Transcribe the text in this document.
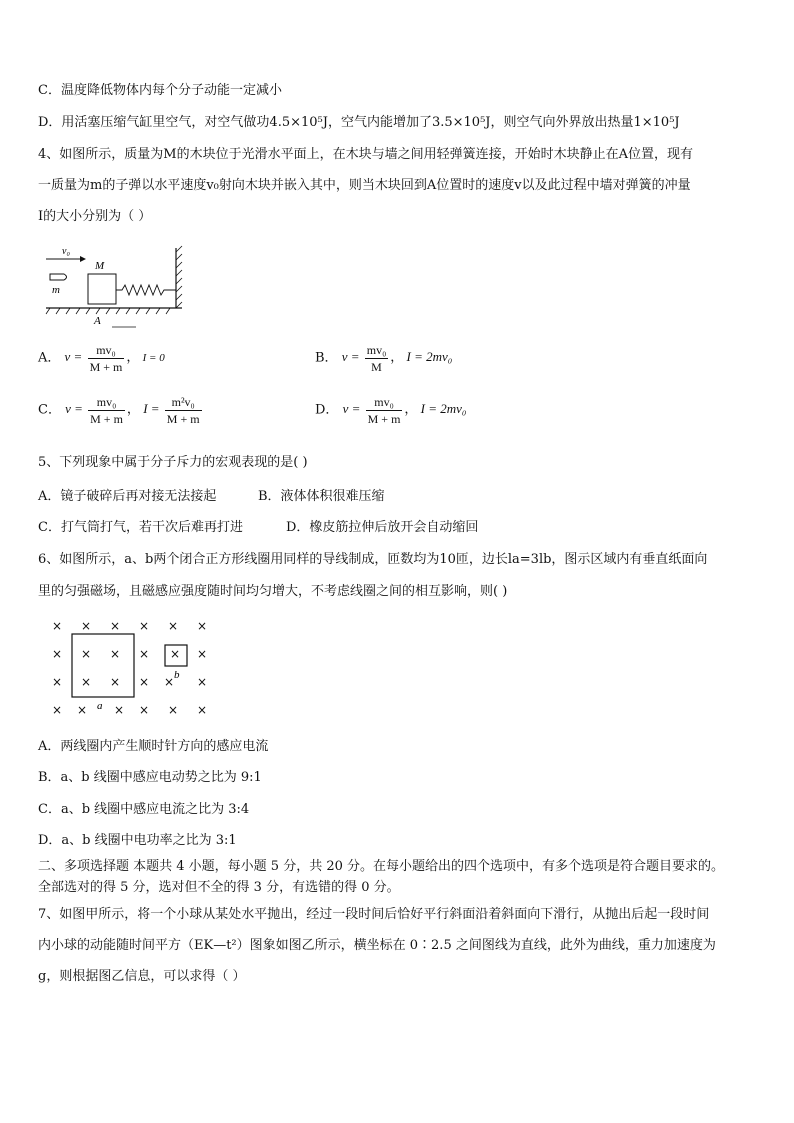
C．温度降低物体内每个分子动能一定减小
D．用活塞压缩气缸里空气，对空气做功4.5×10⁵J，空气内能增加了3.5×10⁵J，则空气向外界放出热量1×10⁵J
4、如图所示，质量为M的木块位于光滑水平面上，在木块与墙之间用轻弹簧连接，开始时木块静止在A位置，现有
一质量为m的子弹以水平速度v₀射向木块并嵌入其中，则当木块回到A位置时的速度v以及此过程中墙对弹簧的冲量
I的大小分别为（ ）
v₀
m
M
A
A． $v = \frac{\text{mv₀}}{M + m}$ ， I = 0	B． $v = \frac{\text{mv₀}}{M}$ ， I = 2mv₀
C． $v = \frac{\text{mv₀}}{M + m}$ ， $I = \frac{\text{m²v₀}}{M + m}$	D． $v = \frac{\text{mv₀}}{M + m}$ ， I = 2mv₀
5、下列现象中属于分子斥力的宏观表现的是( )
A．镜子破碎后再对接无法接起	B．液体体积很难压缩
C．打气筒打气，若干次后难再打进	D．橡皮筋拉伸后放开会自动缩回
6、如图所示，a、b两个闭合正方形线圈用同样的导线制成，匝数均为10匝，边长la=3lb，图示区域内有垂直纸面向
里的匀强磁场，且磁感应强度随时间均匀增大，不考虑线圈之间的相互影响，则( )
× × × × × ×
× × × × × ×
× × × × × ×
× × × × × ×
a
b
A．两线圈内产生顺时针方向的感应电流
B．a、b 线圈中感应电动势之比为 9:1
C．a、b 线圈中感应电流之比为 3:4
D．a、b 线圈中电功率之比为 3:1
二、多项选择题 本题共 4 小题，每小题 5 分，共 20 分。在每小题给出的四个选项中，有多个选项是符合题目要求的。
全部选对的得 5 分，选对但不全的得 3 分，有选错的得 0 分。
7、如图甲所示，将一个小球从某处水平抛出，经过一段时间后恰好平行斜面沿着斜面向下滑行，从抛出后起一段时间
内小球的动能随时间平方（EK—t²）图象如图乙所示，横坐标在 0∶2.5 之间图线为直线，此外为曲线，重力加速度为
g，则根据图乙信息，可以求得（ ）
